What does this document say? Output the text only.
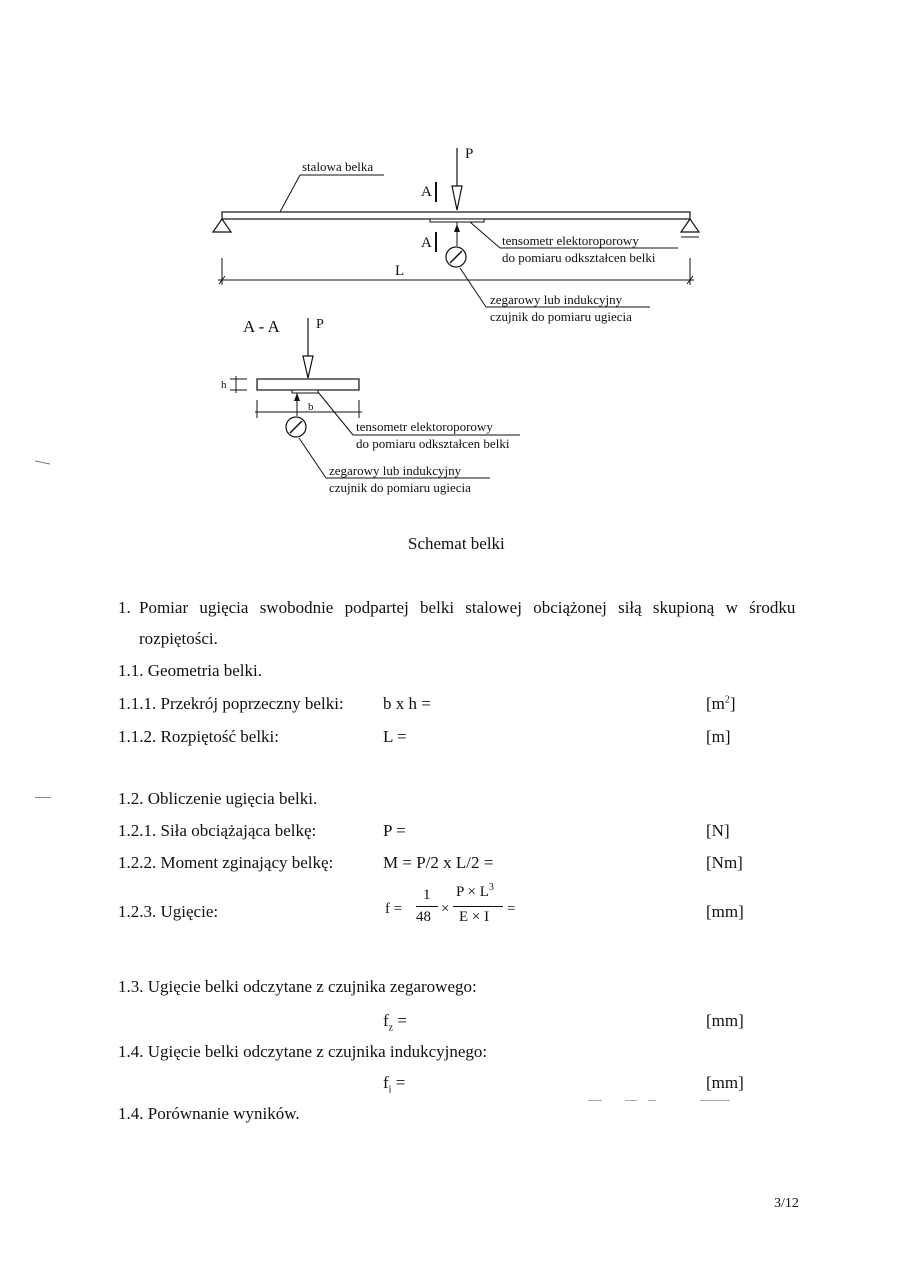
P
stalowa belka
A
A
L
tensometr elektoroporowy
do pomiaru odkształcen belki
zegarowy lub indukcyjny
czujnik do pomiaru ugiecia
A - A	P
h
b
tensometr elektoroporowy
do pomiaru odkształcen belki
zegarowy lub indukcyjny
czujnik do pomiaru ugiecia
Schemat belki
1. Pomiar ugięcia swobodnie podpartej belki stalowej obciążonej siłą skupioną w środku
rozpiętości.
1.1. Geometria belki.
1.1.1. Przekrój poprzeczny belki: b x h =	$[m^2]$
1.1.2. Rozpiętość belki:	L =	[m]
1.2. Obliczenie ugięcia belki.
1.2.1. Siła obciążająca belkę:	P =	[N]
1.2.2. Moment zginający belkę:	M = P/2 x L/2 =	[Nm]
1.2.3. Ugięcie:	f =
1
48 ×
$P \times L^3$
E × I =	[mm]
1.3. Ugięcie belki odczytane z czujnika zegarowego:
$f_z$ =	[mm]
1.4. Ugięcie belki odczytane z czujnika indukcyjnego:
$f_i$ =	[mm]
1.4. Porównanie wyników.
3/12
